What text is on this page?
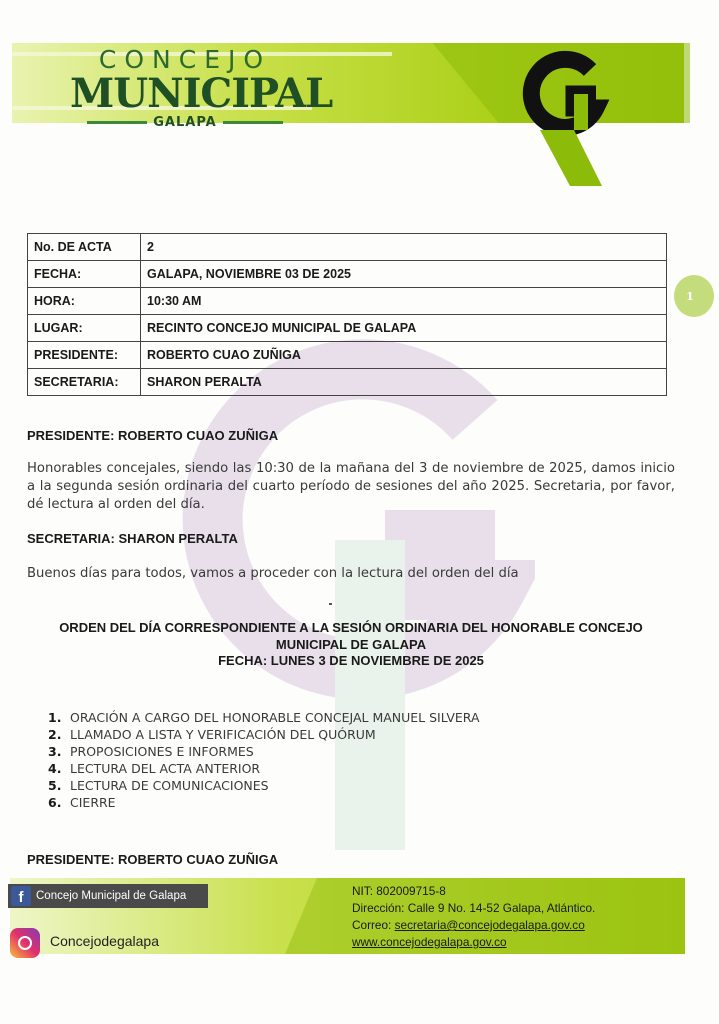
CONCEJO
MUNICIPAL
GALAPA
1
No. DE ACTA	2
FECHA:	GALAPA, NOVIEMBRE 03 DE 2025
HORA:	10:30 AM
LUGAR:	RECINTO CONCEJO MUNICIPAL DE GALAPA
PRESIDENTE:	ROBERTO CUAO ZUÑIGA
SECRETARIA:	SHARON PERALTA
PRESIDENTE: ROBERTO CUAO ZUÑIGA
Honorables concejales, siendo las 10:30 de la mañana del 3 de noviembre de 2025, damos inicio a la segunda sesión ordinaria del cuarto período de sesiones del año 2025. Secretaria, por favor, dé lectura al orden del día.
SECRETARIA: SHARON PERALTA
Buenos días para todos, vamos a proceder con la lectura del orden del día
ORDEN DEL DÍA CORRESPONDIENTE A LA SESIÓN ORDINARIA DEL HONORABLE CONCEJO
MUNICIPAL DE GALAPA
FECHA: LUNES 3 DE NOVIEMBRE DE 2025
1. ORACIÓN A CARGO DEL HONORABLE CONCEJAL MANUEL SILVERA
2. LLAMADO A LISTA Y VERIFICACIÓN DEL QUÓRUM
3. PROPOSICIONES E INFORMES
4. LECTURA DEL ACTA ANTERIOR
5. LECTURA DE COMUNICACIONES
6. CIERRE
PRESIDENTE: ROBERTO CUAO ZUÑIGA
f	Concejo Municipal de Galapa
Concejodegalapa
NIT: 802009715-8
Dirección: Calle 9 No. 14-52 Galapa, Atlántico.
Correo: secretaria@concejodegalapa.gov.co
www.concejodegalapa.gov.co
